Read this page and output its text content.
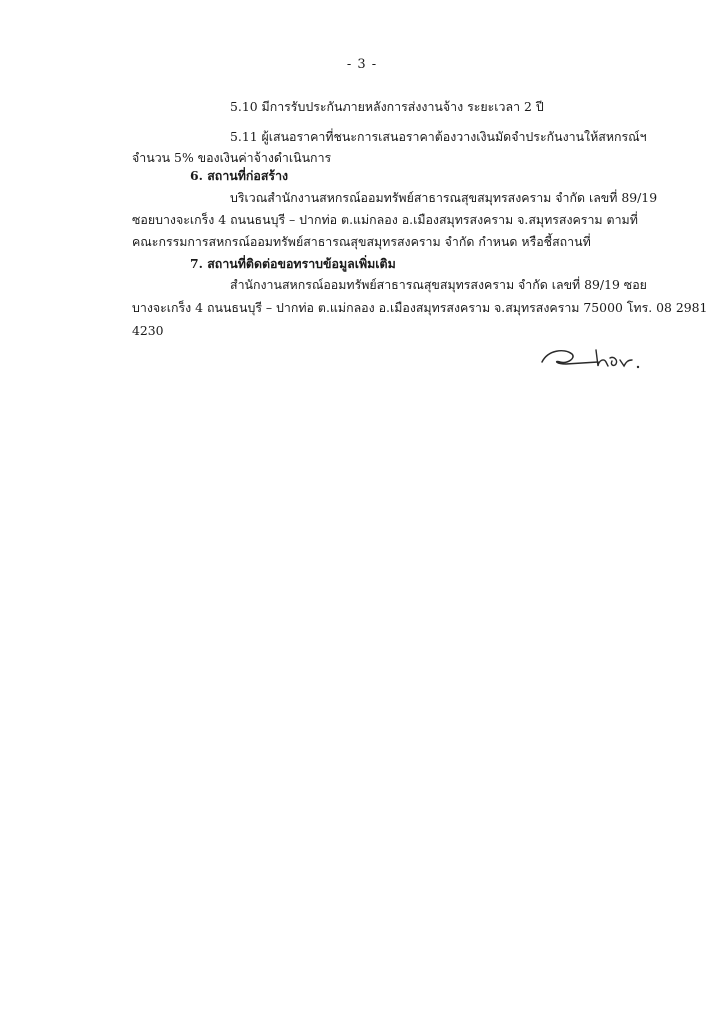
- 3 -
5.10 มีการรับประกันภายหลังการส่งงานจ้าง ระยะเวลา 2 ปี
5.11 ผู้เสนอราคาที่ชนะการเสนอราคาต้องวางเงินมัดจำประกันงานให้สหกรณ์ฯ
จำนวน 5% ของเงินค่าจ้างดำเนินการ
6. สถานที่ก่อสร้าง
บริเวณสำนักงานสหกรณ์ออมทรัพย์สาธารณสุขสมุทรสงคราม จำกัด เลขที่ 89/19
ซอยบางจะเกร็ง 4 ถนนธนบุรี – ปากท่อ ต.แม่กลอง อ.เมืองสมุทรสงคราม จ.สมุทรสงคราม ตามที่
คณะกรรมการสหกรณ์ออมทรัพย์สาธารณสุขสมุทรสงคราม จำกัด กำหนด หรือชี้สถานที่
7. สถานที่ติดต่อขอทราบข้อมูลเพิ่มเติม
สำนักงานสหกรณ์ออมทรัพย์สาธารณสุขสมุทรสงคราม จำกัด เลขที่ 89/19 ซอย
บางจะเกร็ง 4 ถนนธนบุรี – ปากท่อ ต.แม่กลอง อ.เมืองสมุทรสงคราม จ.สมุทรสงคราม 75000 โทร. 08 2981
4230
